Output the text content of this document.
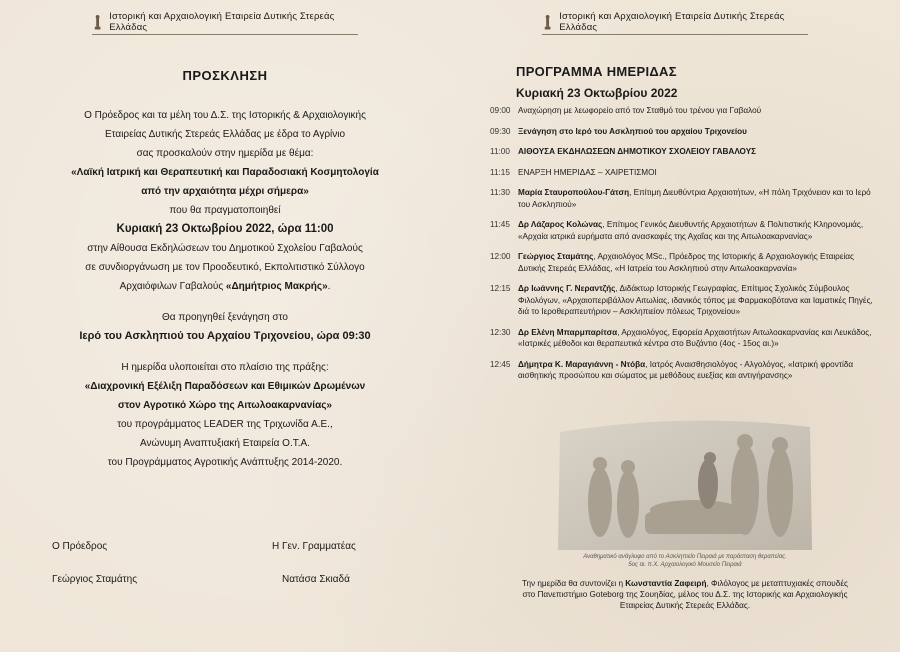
Ιστορική και Αρχαιολογική Εταιρεία Δυτικής Στερεάς Ελλάδας
ΠΡΟΣΚΛΗΣΗ
Ο Πρόεδρος και τα μέλη του Δ.Σ. της Ιστορικής & Αρχαιολογικής
Εταιρείας Δυτικής Στερεάς Ελλάδας με έδρα το Αγρίνιο
σας προσκαλούν στην ημερίδα με θέμα:
«Λαϊκή Ιατρική και Θεραπευτική και Παραδοσιακή Κοσμητολογία
από την αρχαιότητα μέχρι σήμερα»
που θα πραγματοποιηθεί
Κυριακή 23 Οκτωβρίου 2022, ώρα 11:00
στην Αίθουσα Εκδηλώσεων του Δημοτικού Σχολείου Γαβαλούς
σε συνδιοργάνωση με τον Προοδευτικό, Εκπολιτιστικό Σύλλογο
Αρχαιόφιλων Γαβαλούς «Δημήτριος Μακρής».
Θα προηγηθεί ξενάγηση στο
Ιερό του Ασκληπιού του Αρχαίου Τριχονείου, ώρα 09:30
Η ημερίδα υλοποιείται στο πλαίσιο της πράξης:
«Διαχρονική Εξέλιξη Παραδόσεων και Εθιμικών Δρωμένων
στον Αγροτικό Χώρο της Αιτωλοακαρνανίας»
του προγράμματος LEADER της Τριχωνίδα Α.Ε.,
Ανώνυμη Αναπτυξιακή Εταιρεία Ο.Τ.Α.
του Προγράμματος Αγροτικής Ανάπτυξης 2014-2020.
Ο Πρόεδρος
Γεώργιος Σταμάτης
Η Γεν. Γραμματέας
Νατάσα Σκιαδά
Ιστορική και Αρχαιολογική Εταιρεία Δυτικής Στερεάς Ελλάδας
ΠΡΟΓΡΑΜΜΑ ΗΜΕΡΙΔΑΣ
Κυριακή 23 Οκτωβρίου 2022
09:00 Αναχώρηση με λεωφορείο από τον Σταθμό του τρένου για Γαβαλού
09:30 Ξενάγηση στο Ιερό του Ασκληπιού του αρχαίου Τριχονείου
11:00 ΑΙΘΟΥΣΑ ΕΚΔΗΛΩΣΕΩΝ ΔΗΜΟΤΙΚΟΥ ΣΧΟΛΕΙΟΥ ΓΑΒΑΛΟΥΣ
11:15 ΕΝΑΡΞΗ ΗΜΕΡΙΔΑΣ – ΧΑΙΡΕΤΙΣΜΟΙ
11:30 Μαρία Σταυροπούλου-Γάτση, Επίτιμη Διευθύντρια Αρχαιοτήτων, «Η πόλη Τριχόνειον και το Ιερό του Ασκληπιού»
11:45 Δρ Λάζαρος Κολώνας, Επίτιμος Γενικός Διευθυντής Αρχαιοτήτων & Πολιτιστικής Κληρονομιάς, «Αρχαία ιατρικά ευρήματα από ανασκαφές της Αχαΐας και της Αιτωλοακαρνανίας»
12:00 Γεώργιος Σταμάτης, Αρχαιολόγος MSc., Πρόεδρος της Ιστορικής & Αρχαιολογικής Εταιρείας Δυτικής Στερεάς Ελλάδας, «Η Ιατρεία του Ασκληπιού στην Αιτωλοακαρνανία»
12:15 Δρ Ιωάννης Γ. Νεραντζής, Διδάκτωρ Ιστορικής Γεωγραφίας, Επίτιμος Σχολικός Σύμβουλος Φιλολόγων, «Αρχαιοπεριβάλλον Αιτωλίας, ιδανικός τόπος με Φαρμακοβότανα και Ιαματικές Πηγές, διά το Ιεροθεραπευτήριον – Ασκληπιείον πόλεως Τριχονείου»
12:30 Δρ Ελένη Μπαρμπαρίτσα, Αρχαιολόγος, Εφορεία Αρχαιοτήτων Αιτωλοακαρνανίας και Λευκάδος, «Ιατρικές μέθοδοι και θεραπευτικά κέντρα στο Βυζάντιο (4ος - 15ος αι.)»
12:45 Δήμητρα Κ. Μαραγιάννη - Ντόβα, Ιατρός Αναισθησιολόγος - Αλγολόγος, «Ιατρική φροντίδα αισθητικής προσώπου και σώματος με μεθόδους ευεξίας και αντιγήρανσης»
Αναθηματικό ανάγλυφο από το Ασκληπιείο Πειραιά με παράσταση θεραπείας.
5ος αι. π.Χ. Αρχαιολογικό Μουσείο Πειραιά
Την ημερίδα θα συντονίζει η Κωνσταντία Ζαφειρή, Φιλόλογος με μεταπτυχιακές σπουδές στο Πανεπιστήμιο Goteborg της Σουηδίας, μέλος του Δ.Σ. της Ιστορικής και Αρχαιολογικής Εταιρείας Δυτικής Στερεάς Ελλάδας.
